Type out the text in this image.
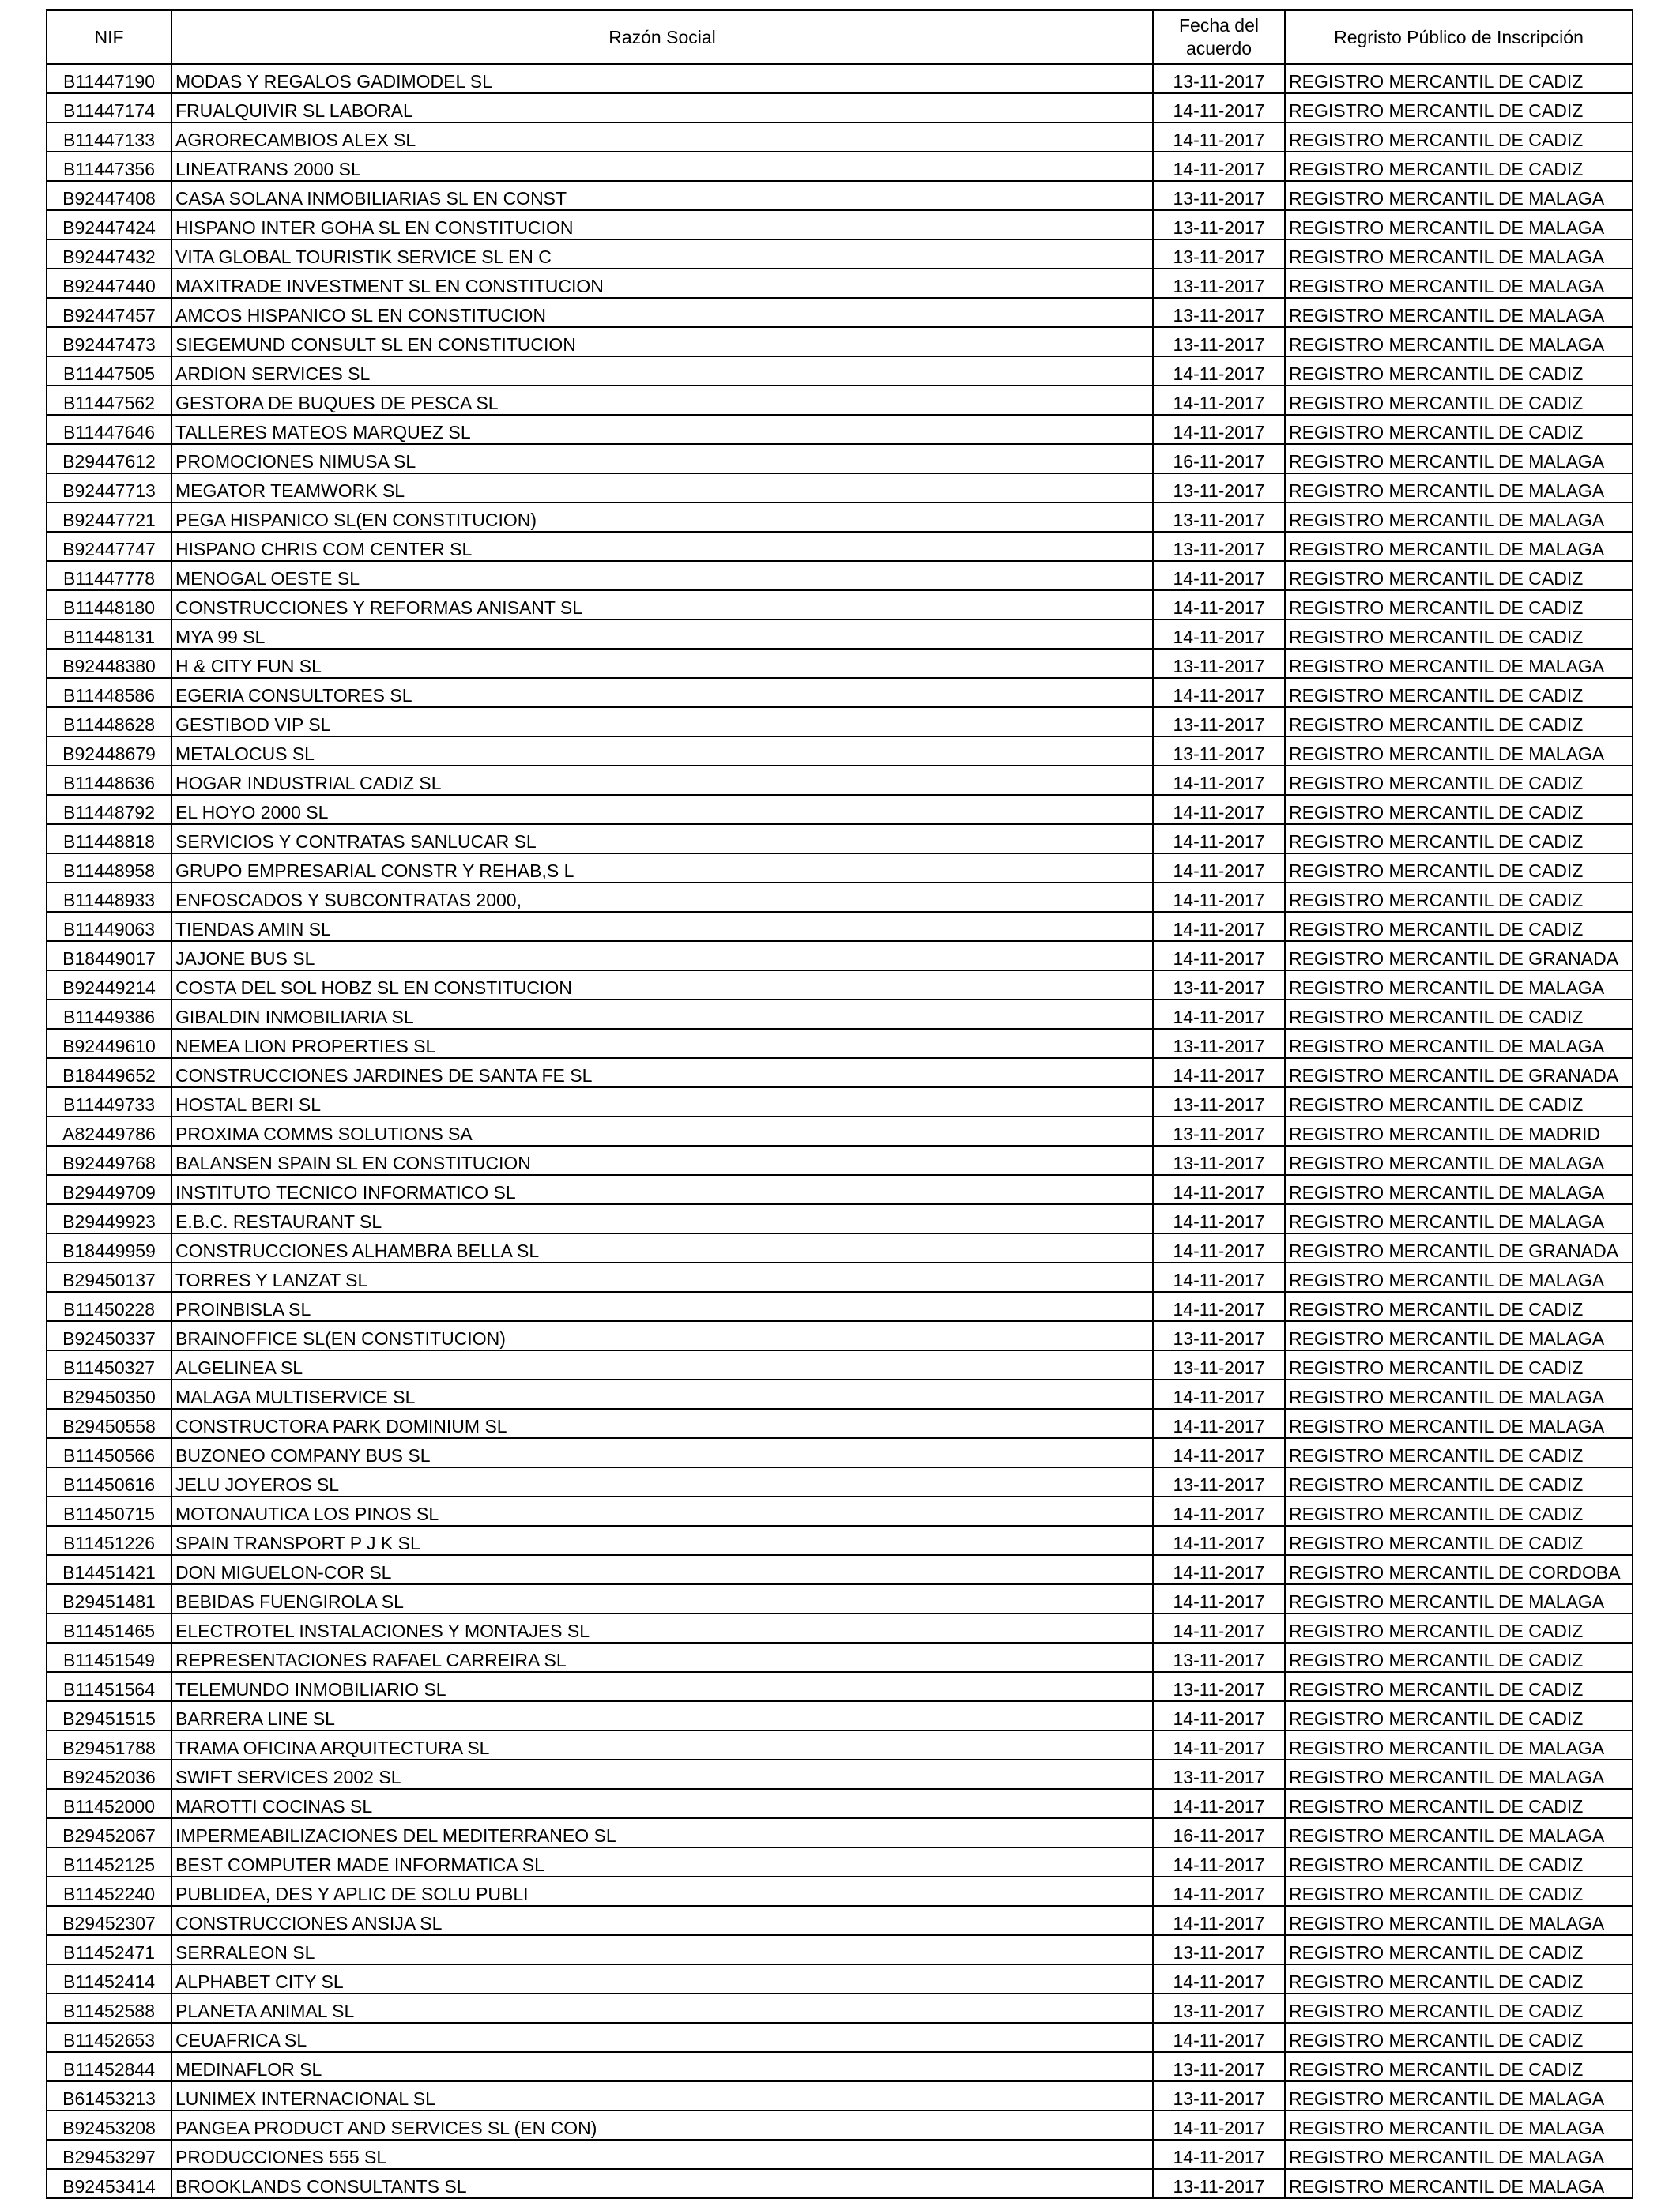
NIF	Razón Social	Fecha del acuerdo	Regristo Público de Inscripción
B11447190	MODAS Y REGALOS GADIMODEL SL	13-11-2017	REGISTRO MERCANTIL DE CADIZ
B11447174	FRUALQUIVIR SL LABORAL	14-11-2017	REGISTRO MERCANTIL DE CADIZ
B11447133	AGRORECAMBIOS ALEX SL	14-11-2017	REGISTRO MERCANTIL DE CADIZ
B11447356	LINEATRANS 2000 SL	14-11-2017	REGISTRO MERCANTIL DE CADIZ
B92447408	CASA SOLANA INMOBILIARIAS SL EN CONST	13-11-2017	REGISTRO MERCANTIL DE MALAGA
B92447424	HISPANO INTER GOHA SL EN CONSTITUCION	13-11-2017	REGISTRO MERCANTIL DE MALAGA
B92447432	VITA GLOBAL TOURISTIK SERVICE SL EN C	13-11-2017	REGISTRO MERCANTIL DE MALAGA
B92447440	MAXITRADE INVESTMENT SL EN CONSTITUCION	13-11-2017	REGISTRO MERCANTIL DE MALAGA
B92447457	AMCOS HISPANICO SL EN CONSTITUCION	13-11-2017	REGISTRO MERCANTIL DE MALAGA
B92447473	SIEGEMUND CONSULT SL EN CONSTITUCION	13-11-2017	REGISTRO MERCANTIL DE MALAGA
B11447505	ARDION SERVICES SL	14-11-2017	REGISTRO MERCANTIL DE CADIZ
B11447562	GESTORA DE BUQUES DE PESCA SL	14-11-2017	REGISTRO MERCANTIL DE CADIZ
B11447646	TALLERES MATEOS MARQUEZ SL	14-11-2017	REGISTRO MERCANTIL DE CADIZ
B29447612	PROMOCIONES NIMUSA SL	16-11-2017	REGISTRO MERCANTIL DE MALAGA
B92447713	MEGATOR TEAMWORK SL	13-11-2017	REGISTRO MERCANTIL DE MALAGA
B92447721	PEGA HISPANICO SL(EN CONSTITUCION)	13-11-2017	REGISTRO MERCANTIL DE MALAGA
B92447747	HISPANO CHRIS COM CENTER SL	13-11-2017	REGISTRO MERCANTIL DE MALAGA
B11447778	MENOGAL OESTE SL	14-11-2017	REGISTRO MERCANTIL DE CADIZ
B11448180	CONSTRUCCIONES Y REFORMAS ANISANT SL	14-11-2017	REGISTRO MERCANTIL DE CADIZ
B11448131	MYA 99 SL	14-11-2017	REGISTRO MERCANTIL DE CADIZ
B92448380	H & CITY FUN SL	13-11-2017	REGISTRO MERCANTIL DE MALAGA
B11448586	EGERIA CONSULTORES SL	14-11-2017	REGISTRO MERCANTIL DE CADIZ
B11448628	GESTIBOD VIP SL	13-11-2017	REGISTRO MERCANTIL DE CADIZ
B92448679	METALOCUS SL	13-11-2017	REGISTRO MERCANTIL DE MALAGA
B11448636	HOGAR INDUSTRIAL CADIZ SL	14-11-2017	REGISTRO MERCANTIL DE CADIZ
B11448792	EL HOYO 2000 SL	14-11-2017	REGISTRO MERCANTIL DE CADIZ
B11448818	SERVICIOS Y CONTRATAS SANLUCAR SL	14-11-2017	REGISTRO MERCANTIL DE CADIZ
B11448958	GRUPO EMPRESARIAL CONSTR Y REHAB,S L	14-11-2017	REGISTRO MERCANTIL DE CADIZ
B11448933	ENFOSCADOS Y SUBCONTRATAS 2000,	14-11-2017	REGISTRO MERCANTIL DE CADIZ
B11449063	TIENDAS AMIN SL	14-11-2017	REGISTRO MERCANTIL DE CADIZ
B18449017	JAJONE BUS SL	14-11-2017	REGISTRO MERCANTIL DE GRANADA
B92449214	COSTA DEL SOL HOBZ SL EN CONSTITUCION	13-11-2017	REGISTRO MERCANTIL DE MALAGA
B11449386	GIBALDIN INMOBILIARIA SL	14-11-2017	REGISTRO MERCANTIL DE CADIZ
B92449610	NEMEA LION PROPERTIES SL	13-11-2017	REGISTRO MERCANTIL DE MALAGA
B18449652	CONSTRUCCIONES JARDINES DE SANTA FE SL	14-11-2017	REGISTRO MERCANTIL DE GRANADA
B11449733	HOSTAL BERI SL	13-11-2017	REGISTRO MERCANTIL DE CADIZ
A82449786	PROXIMA COMMS SOLUTIONS SA	13-11-2017	REGISTRO MERCANTIL DE MADRID
B92449768	BALANSEN SPAIN SL EN CONSTITUCION	13-11-2017	REGISTRO MERCANTIL DE MALAGA
B29449709	INSTITUTO TECNICO INFORMATICO SL	14-11-2017	REGISTRO MERCANTIL DE MALAGA
B29449923	E.B.C. RESTAURANT SL	14-11-2017	REGISTRO MERCANTIL DE MALAGA
B18449959	CONSTRUCCIONES ALHAMBRA BELLA SL	14-11-2017	REGISTRO MERCANTIL DE GRANADA
B29450137	TORRES Y LANZAT SL	14-11-2017	REGISTRO MERCANTIL DE MALAGA
B11450228	PROINBISLA SL	14-11-2017	REGISTRO MERCANTIL DE CADIZ
B92450337	BRAINOFFICE SL(EN CONSTITUCION)	13-11-2017	REGISTRO MERCANTIL DE MALAGA
B11450327	ALGELINEA SL	13-11-2017	REGISTRO MERCANTIL DE CADIZ
B29450350	MALAGA MULTISERVICE SL	14-11-2017	REGISTRO MERCANTIL DE MALAGA
B29450558	CONSTRUCTORA PARK DOMINIUM SL	14-11-2017	REGISTRO MERCANTIL DE MALAGA
B11450566	BUZONEO COMPANY BUS SL	14-11-2017	REGISTRO MERCANTIL DE CADIZ
B11450616	JELU JOYEROS SL	13-11-2017	REGISTRO MERCANTIL DE CADIZ
B11450715	MOTONAUTICA LOS PINOS SL	14-11-2017	REGISTRO MERCANTIL DE CADIZ
B11451226	SPAIN TRANSPORT P J K SL	14-11-2017	REGISTRO MERCANTIL DE CADIZ
B14451421	DON MIGUELON-COR SL	14-11-2017	REGISTRO MERCANTIL DE CORDOBA
B29451481	BEBIDAS FUENGIROLA SL	14-11-2017	REGISTRO MERCANTIL DE MALAGA
B11451465	ELECTROTEL INSTALACIONES Y MONTAJES SL	14-11-2017	REGISTRO MERCANTIL DE CADIZ
B11451549	REPRESENTACIONES RAFAEL CARREIRA SL	13-11-2017	REGISTRO MERCANTIL DE CADIZ
B11451564	TELEMUNDO INMOBILIARIO SL	13-11-2017	REGISTRO MERCANTIL DE CADIZ
B29451515	BARRERA LINE SL	14-11-2017	REGISTRO MERCANTIL DE CADIZ
B29451788	TRAMA OFICINA ARQUITECTURA SL	14-11-2017	REGISTRO MERCANTIL DE MALAGA
B92452036	SWIFT SERVICES 2002 SL	13-11-2017	REGISTRO MERCANTIL DE MALAGA
B11452000	MAROTTI COCINAS SL	14-11-2017	REGISTRO MERCANTIL DE CADIZ
B29452067	IMPERMEABILIZACIONES DEL MEDITERRANEO SL	16-11-2017	REGISTRO MERCANTIL DE MALAGA
B11452125	BEST COMPUTER MADE INFORMATICA SL	14-11-2017	REGISTRO MERCANTIL DE CADIZ
B11452240	PUBLIDEA, DES Y APLIC DE SOLU PUBLI	14-11-2017	REGISTRO MERCANTIL DE CADIZ
B29452307	CONSTRUCCIONES ANSIJA SL	14-11-2017	REGISTRO MERCANTIL DE MALAGA
B11452471	SERRALEON SL	13-11-2017	REGISTRO MERCANTIL DE CADIZ
B11452414	ALPHABET CITY SL	14-11-2017	REGISTRO MERCANTIL DE CADIZ
B11452588	PLANETA ANIMAL SL	13-11-2017	REGISTRO MERCANTIL DE CADIZ
B11452653	CEUAFRICA SL	14-11-2017	REGISTRO MERCANTIL DE CADIZ
B11452844	MEDINAFLOR SL	13-11-2017	REGISTRO MERCANTIL DE CADIZ
B61453213	LUNIMEX INTERNACIONAL SL	13-11-2017	REGISTRO MERCANTIL DE MALAGA
B92453208	PANGEA PRODUCT AND SERVICES SL (EN CON)	14-11-2017	REGISTRO MERCANTIL DE MALAGA
B29453297	PRODUCCIONES 555 SL	14-11-2017	REGISTRO MERCANTIL DE MALAGA
B92453414	BROOKLANDS CONSULTANTS SL	13-11-2017	REGISTRO MERCANTIL DE MALAGA
